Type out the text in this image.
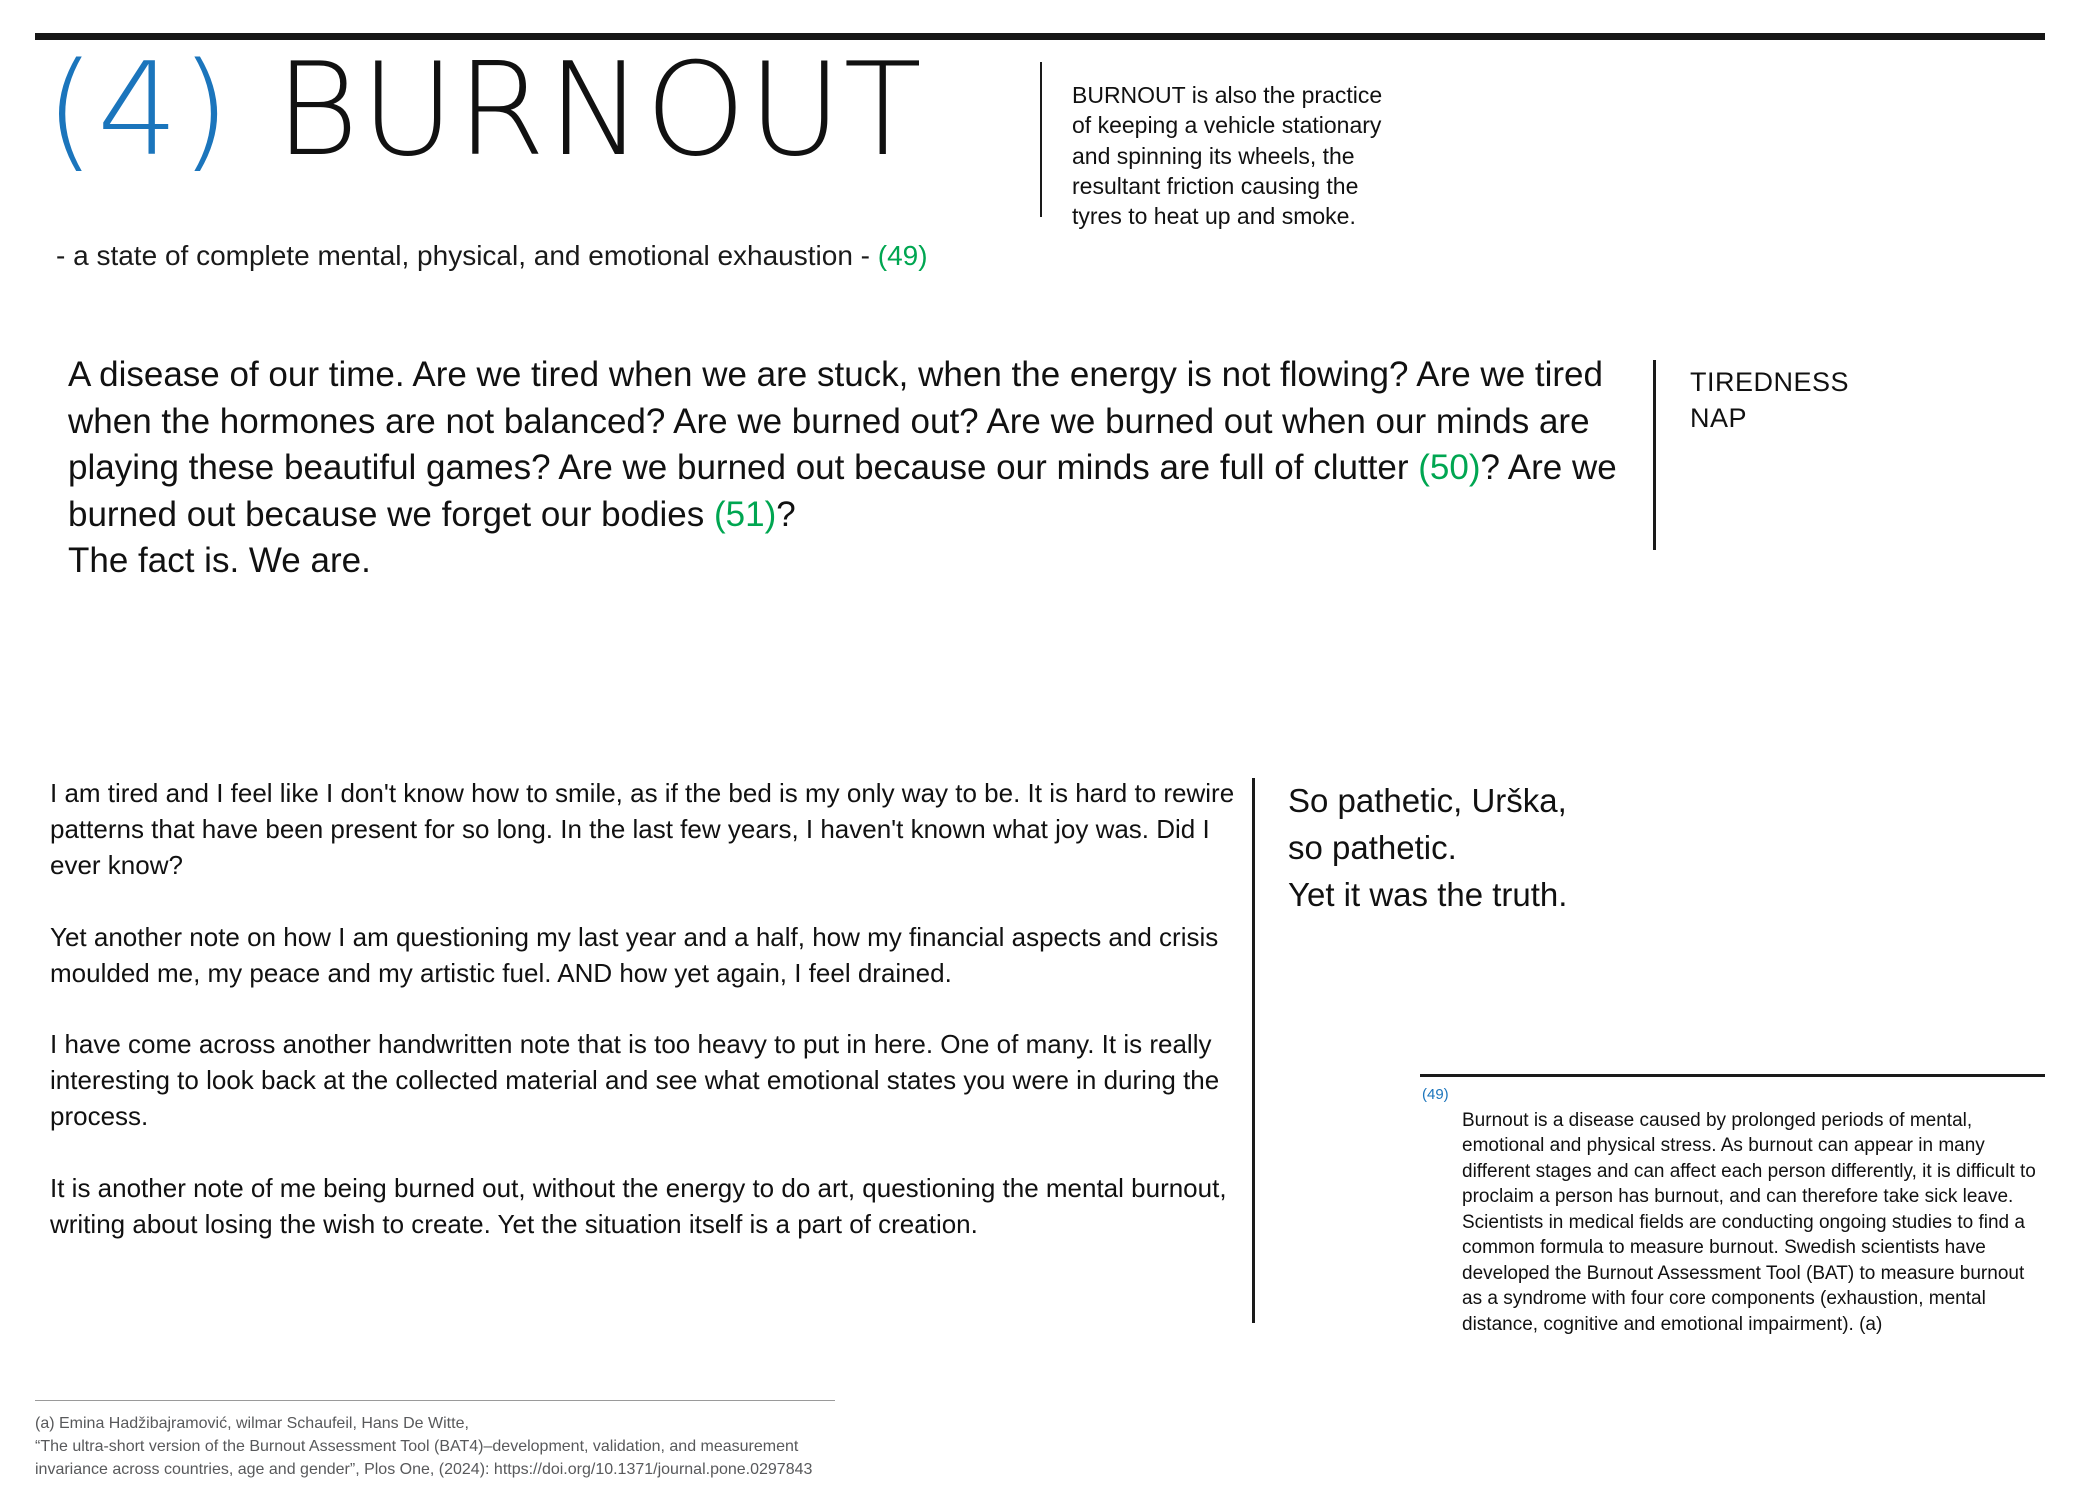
(4) BURNOUT
- a state of complete mental, physical, and emotional exhaustion - (49)
BURNOUT is also the practice of keeping a vehicle stationary and spinning its wheels, the resultant friction causing the tyres to heat up and smoke.

A disease of our time. Are we tired when we are stuck, when the energy is not flowing? Are we tired when the hormones are not balanced? Are we burned out? Are we burned out when our minds are playing these beautiful games? Are we burned out because our minds are full of clutter (50)? Are we burned out because we forget our bodies (51)?
The fact is. We are.

TIREDNESS
NAP

I am tired and I feel like I don't know how to smile, as if the bed is my only way to be. It is hard to rewire patterns that have been present for so long. In the last few years, I haven't known what joy was. Did I ever know?

Yet another note on how I am questioning my last year and a half, how my financial aspects and crisis moulded me, my peace and my artistic fuel. AND how yet again, I feel drained.

I have come across another handwritten note that is too heavy to put in here. One of many. It is really interesting to look back at the collected material and see what emotional states you were in during the process.

It is another note of me being burned out, without the energy to do art, questioning the mental burnout, writing about losing the wish to create. Yet the situation itself is a part of creation.

So pathetic, Urška,
so pathetic.
Yet it was the truth.
(49)
Burnout is a disease caused by prolonged periods of mental, emotional and physical stress. As burnout can appear in many different stages and can affect each person differently, it is difficult to proclaim a person has burnout, and can therefore take sick leave. Scientists in medical fields are conducting ongoing studies to find a common formula to measure burnout. Swedish scientists have developed the Burnout Assessment Tool (BAT) to measure burnout as a syndrome with four core components (exhaustion, mental distance, cognitive and emotional impairment). (a)
(a) Emina Hadžibajramović, wilmar Schaufeil, Hans De Witte,
“The ultra-short version of the Burnout Assessment Tool (BAT4)–development, validation, and measurement
invariance across countries, age and gender”, Plos One, (2024): https://doi.org/10.1371/journal.pone.0297843
